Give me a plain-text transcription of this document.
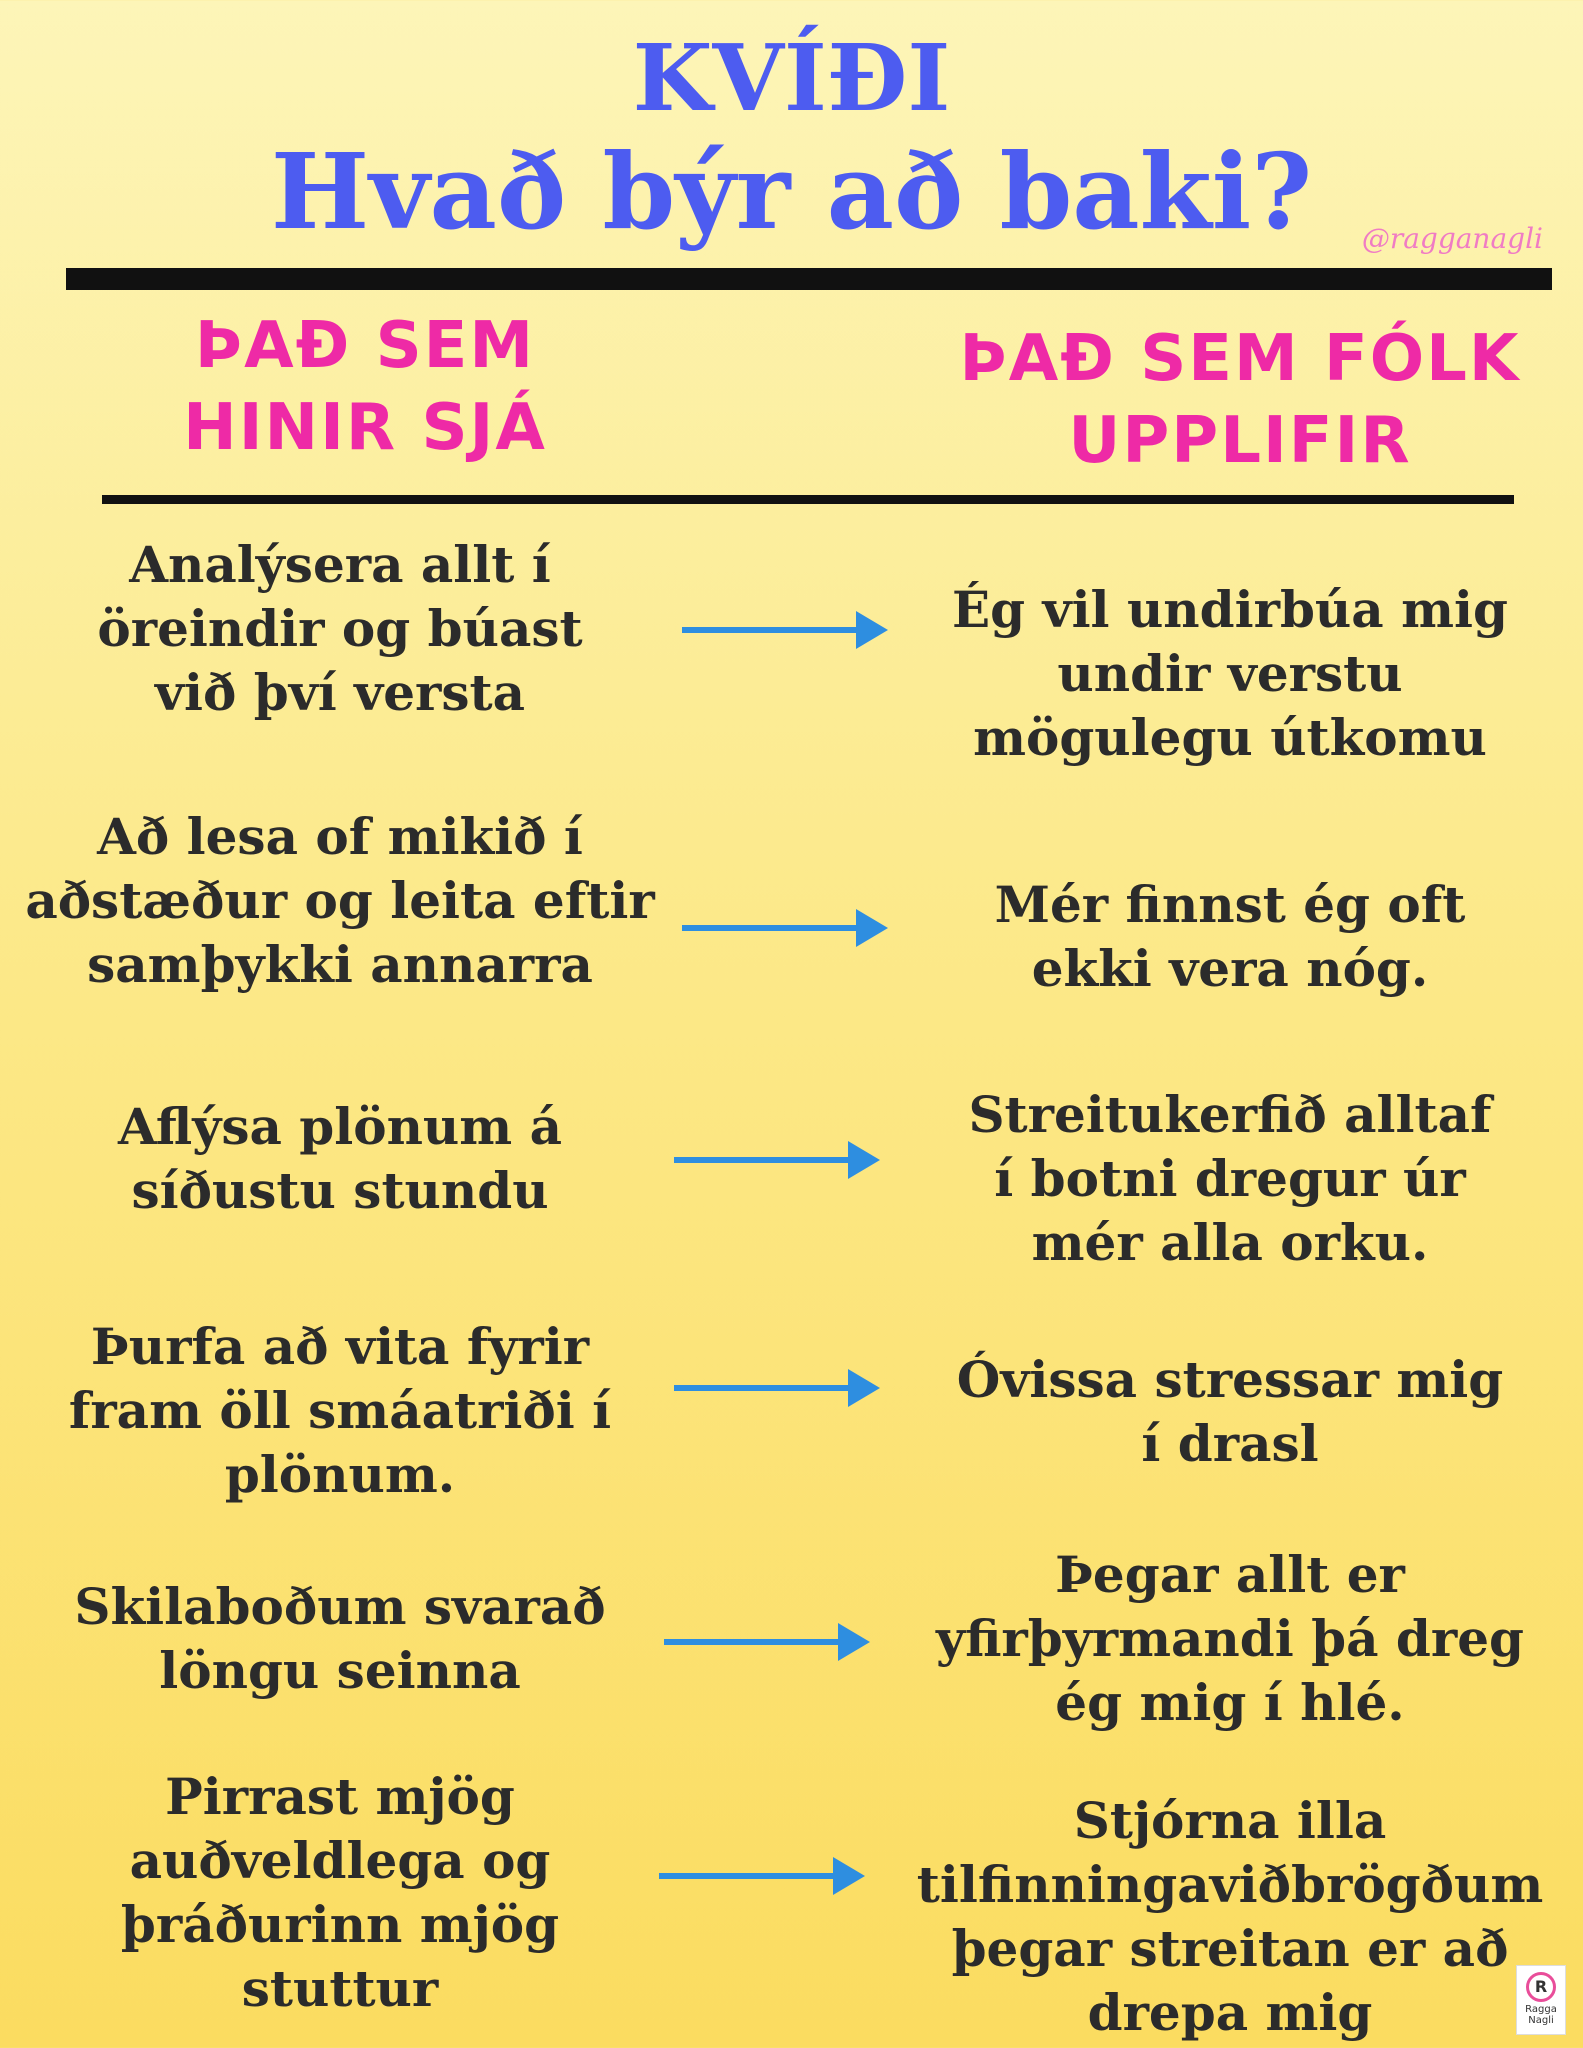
KVÍÐI
Hvað býr að baki?	@ragganagli
ÞAÐ SEM
HINIR SJÁ
ÞAÐ SEM FÓLK
UPPLIFIR
Analýsera allt í
öreindir og búast
við því versta
Ég vil undirbúa mig
undir verstu
mögulegu útkomu
Að lesa of mikið í
aðstæður og leita eftir
samþykki annarra
Mér finnst ég oft
ekki vera nóg.
Aflýsa plönum á
síðustu stundu
Streitukerfið alltaf
í botni dregur úr
mér alla orku.
Þurfa að vita fyrir
fram öll smáatriði í
plönum.
Óvissa stressar mig
í drasl
Skilaboðum svarað
löngu seinna
Þegar allt er
yfirþyrmandi þá dreg
ég mig í hlé.
Pirrast mjög
auðveldlega og
þráðurinn mjög
stuttur
Stjórna illa
tilfinningaviðbrögðum
þegar streitan er að
drepa mig	R
Ragga
Nagli
